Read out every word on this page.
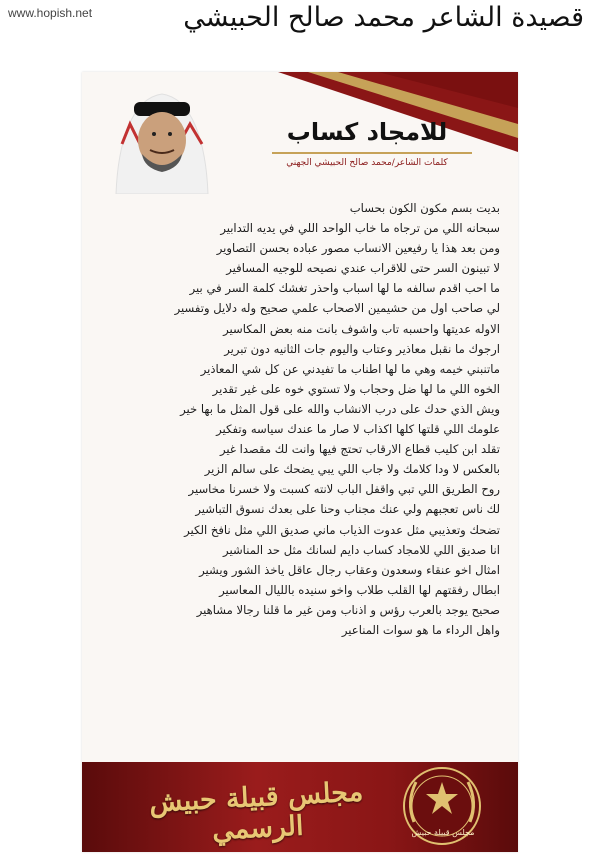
www.hopish.net	قصيدة الشاعر محمد صالح الحبيشي
للامجاد كساب
كلمات الشاعر/محمد صالح الحبيشي الجهني
بديت بسم مكون الكون بحساب
سبحانه اللي من ترجاه ما خاب الواحد اللي في يديه التدابير
ومن بعد هذا يا رفيعين الانساب مصور عباده بحسن التصاوير
لا تبينون السر حتى للاقراب عندي نصيحه للوجيه المسافير
ما احب اقدم سالفه ما لها اسباب واحذر تغشك كلمة السر في بير
لي صاحب اول من حشيمين الاصحاب علمي صحيح وله دلايل وتفسير
الاوله عديتها واحسبه تاب واشوف بانت منه بعض المكاسير
ارجوك ما نقبل معاذير وعتاب واليوم جات الثانيه دون تبرير
ماتنبني خيمه وهي ما لها اطناب ما تفيدني عن كل شي المعاذير
الخوه اللي ما لها ضل وحجاب ولا تستوي خوه على غير تقدير
ويش الذي حدك على درب الانشاب والله على قول المثل ما بها خير
علومك اللي قلتها كلها اكذاب لا صار ما عندك سياسه وتفكير
تقلد ابن كليب قطاع الارقاب تحتج فيها وانت لك مقصدا غير
بالعكس لا ودا كلامك ولا جاب اللي يبي يضحك على سالم الزير
روح الطريق اللي تبي واقفل الباب لانته كسبت ولا خسرنا مخاسير
لك ناس تعجبهم ولي عنك مجناب وحنا على بعدك نسوق التباشير
تضحك وتعذيبي مثل عدوت الذياب ماني صديق اللي مثل نافخ الكير
انا صديق اللي للامجاد كساب دايم لسانك مثل حد المناشير
امثال اخو عنقاء وسعدون وعقاب رجال عاقل ياخذ الشور ويشير
ابطال رفقتهم لها القلب طلاب واخو سنيده بالليال المعاسير
صحيح يوجد بالعرب رؤس و اذناب ومن غير ما قلنا رجالا مشاهير
واهل الرداء ما هو سوات المناعير
مجلس قبيلة حبيش الرسمي	مجلس قبيلة حبيش
